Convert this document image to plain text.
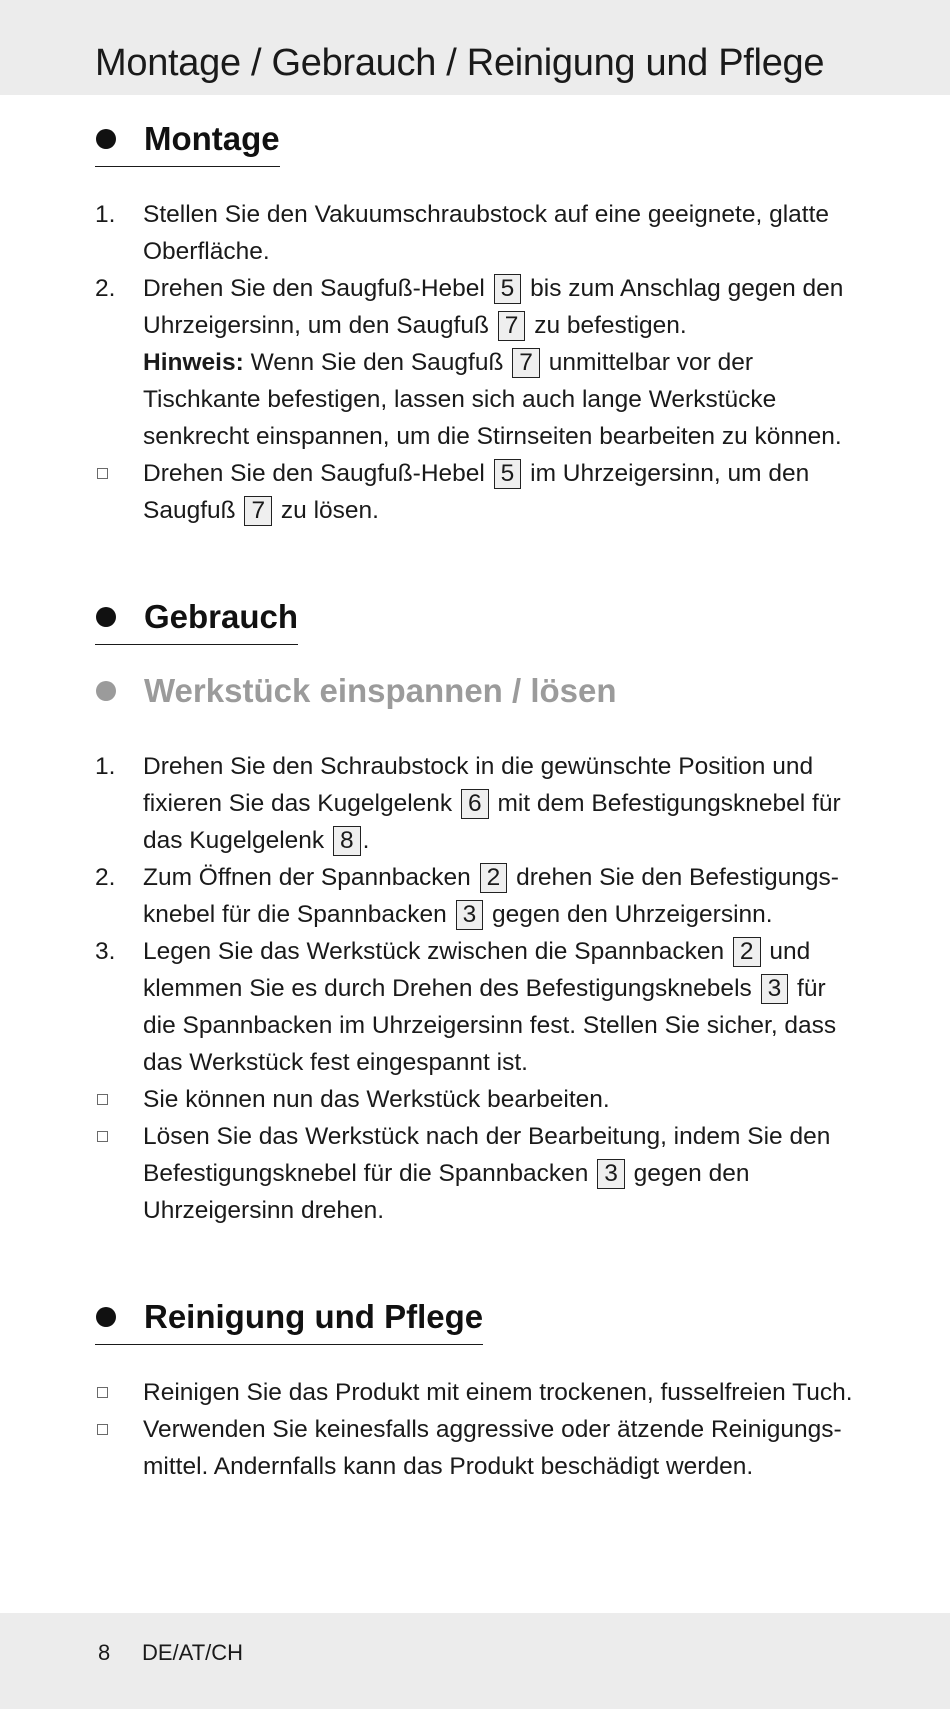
Montage / Gebrauch / Reinigung und Pflege
Montage
1.	Stellen Sie den Vakuumschraubstock auf eine geeignete, glatte Oberfläche.
2.	Drehen Sie den Saugfuß-Hebel 5 bis zum Anschlag gegen den Uhrzeigersinn, um den Saugfuß 7 zu befestigen.
Hinweis: Wenn Sie den Saugfuß 7 unmittelbar vor der Tischkante befestigen, lassen sich auch lange Werkstücke senkrecht einspannen, um die Stirnseiten bearbeiten zu können.
Drehen Sie den Saugfuß-Hebel 5 im Uhrzeigersinn, um den Saugfuß 7 zu lösen.
Gebrauch
Werkstück einspannen / lösen
1.	Drehen Sie den Schraubstock in die gewünschte Position und fixieren Sie das Kugelgelenk 6 mit dem Befestigungsknebel für das Kugelgelenk 8 .
2.	Zum Öffnen der Spannbacken 2 drehen Sie den Befestigungs-knebel für die Spannbacken 3 gegen den Uhrzeigersinn.
3.	Legen Sie das Werkstück zwischen die Spannbacken 2 und klemmen Sie es durch Drehen des Befestigungsknebels 3 für die Spannbacken im Uhrzeigersinn fest. Stellen Sie sicher, dass das Werkstück fest eingespannt ist.
Sie können nun das Werkstück bearbeiten.
Lösen Sie das Werkstück nach der Bearbeitung, indem Sie den Befestigungsknebel für die Spannbacken 3 gegen den Uhrzeigersinn drehen.
Reinigung und Pflege
Reinigen Sie das Produkt mit einem trockenen, fusselfreien Tuch.
Verwenden Sie keinesfalls aggressive oder ätzende Reinigungs-mittel. Andernfalls kann das Produkt beschädigt werden.
8 DE/AT/CH
